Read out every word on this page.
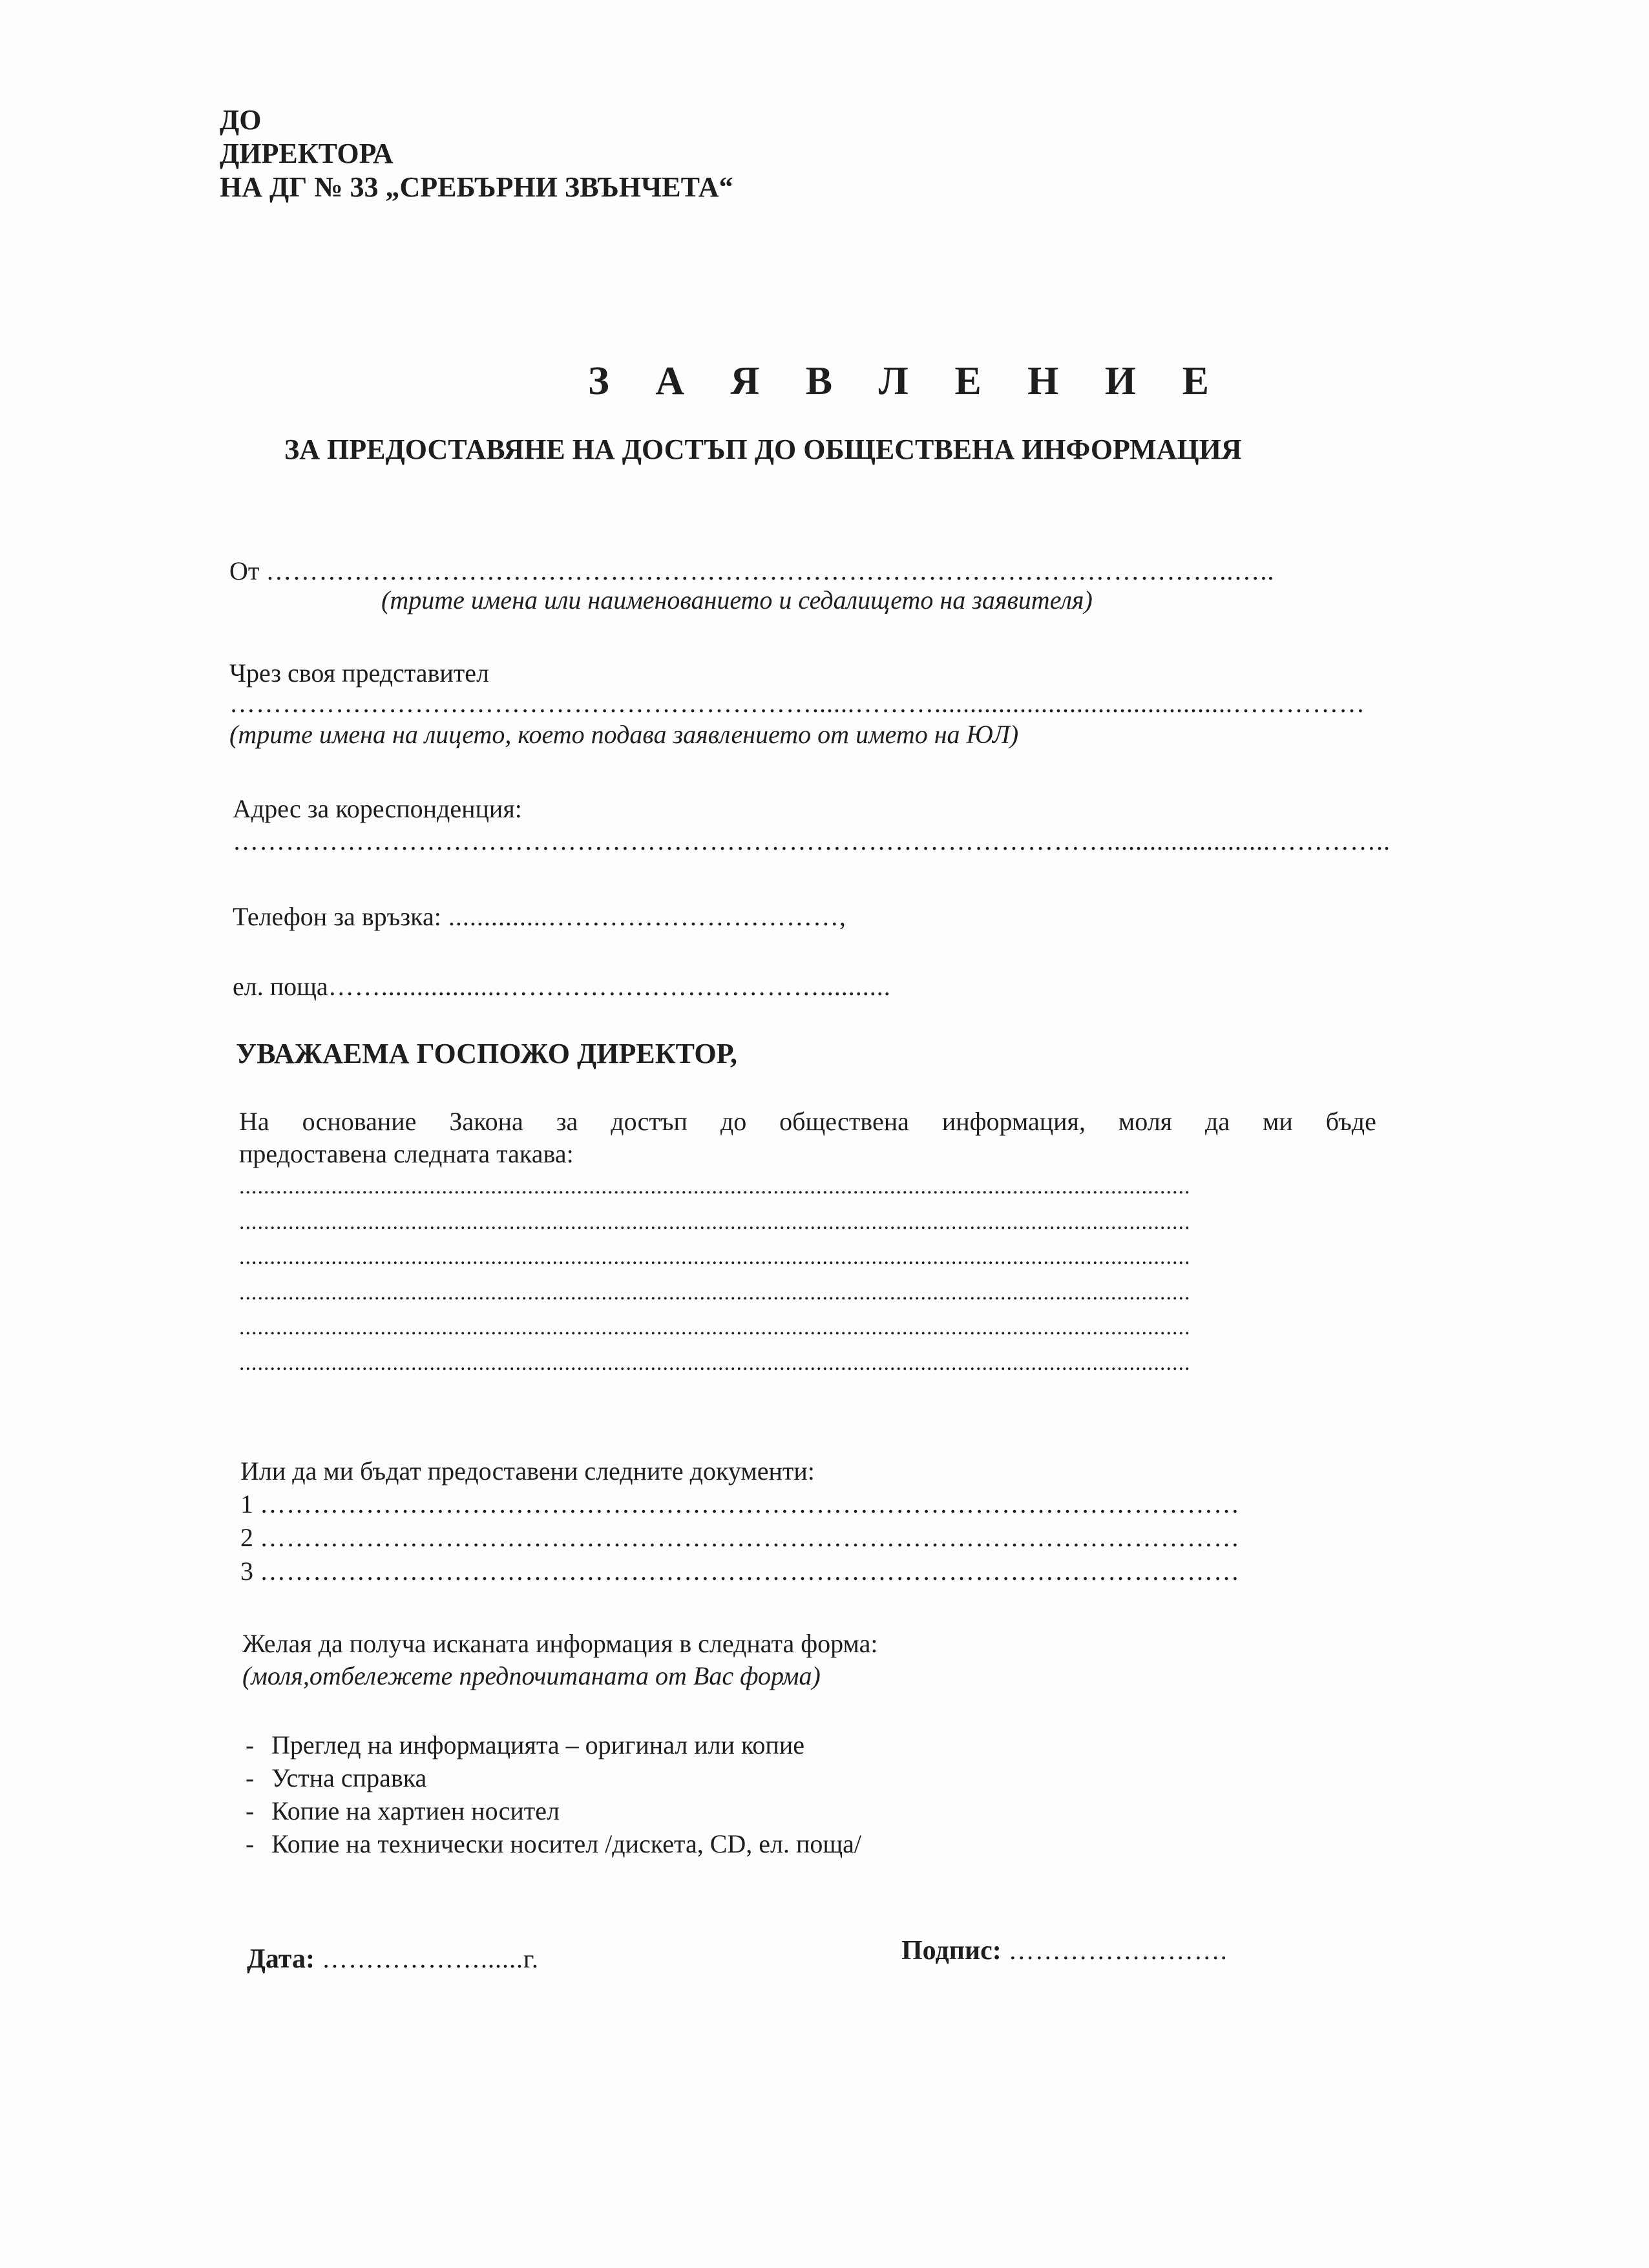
ДО
ДИРЕКТОРА
НА ДГ № 33 „СРЕБЪРНИ ЗВЪНЧЕТА“
З А Я В Л Е Н И Е
ЗА ПРЕДОСТАВЯНЕ НА ДОСТЪП ДО ОБЩЕСТВЕНА ИНФОРМАЦИЯ
От ………………………………………………………………………………………………..…..
(трите имена или наименованието и седалището на заявителя)
Чрез своя представител
…………………………………………………………......………..........................................……………
(трите имена на лицето, което подава заявлението от името на ЮЛ)
Адрес за кореспонденция:
……………………………………………………………………………………….......................…………..
Телефон за връзка: ..............……………………………,
ел. поща…….................………………………………..........
УВАЖАЕМА ГОСПОЖО ДИРЕКТОР,
На основание Закона за достъп до обществена информация, моля да ми бъде
предоставена следната такава:
...........................................................................................................................................................
...........................................................................................................................................................
...........................................................................................................................................................
...........................................................................................................................................................
...........................................................................................................................................................
...........................................................................................................................................................
Или да ми бъдат предоставени следните документи:
1 …………………………………………………………………………………………………
2 …………………………………………………………………………………………………
3 …………………………………………………………………………………………………
Желая да получа исканата информация в следната форма:
(моля,отбележете предпочитаната от Вас форма)
- Преглед на информацията – оригинал или копие
- Устна справка
- Копие на хартиен носител
- Копие на технически носител /дискета, CD, ел. поща/
Дата: ………………......г.	Подпис: …………………….
